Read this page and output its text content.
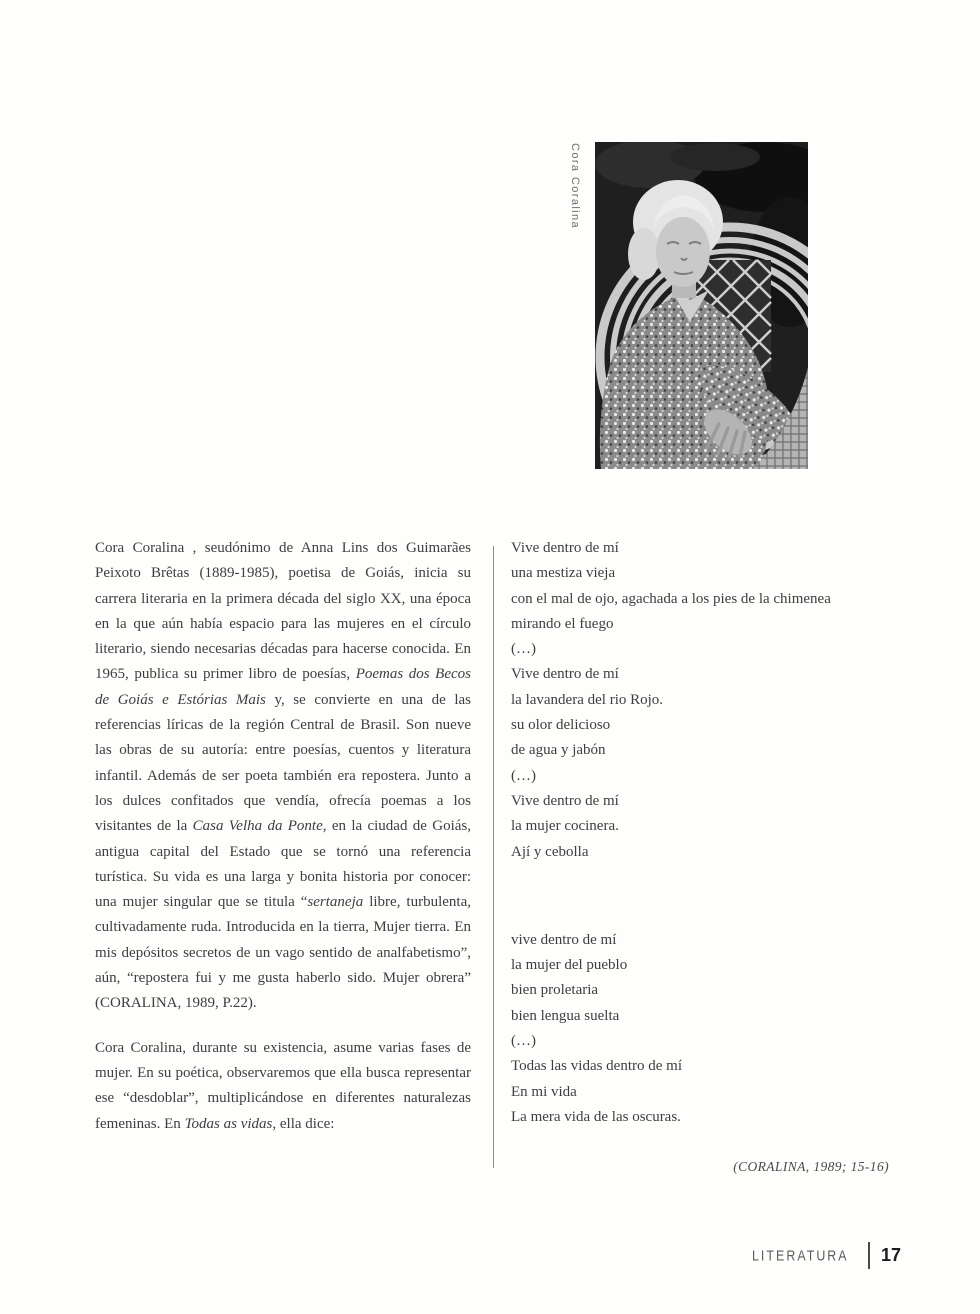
Cora Coralina

Cora Coralina , seudónimo de Anna Lins dos Guimarães Peixoto Brêtas (1889-1985), poetisa de Goiás, inicia su carrera literaria en la primera década del siglo XX, una época en la que aún había espacio para las mujeres en el círculo literario, siendo necesarias décadas para hacerse conocida. En 1965, publica su primer libro de poesías, Poemas dos Becos de Goiás e Estórias Mais y, se convierte en una de las referencias líricas de la región Central de Brasil. Son nueve las obras de su autoría: entre poesías, cuentos y literatura infantil. Además de ser poeta también era repostera. Junto a los dulces confitados que vendía, ofrecía poemas a los visitantes de la Casa Velha da Ponte, en la ciudad de Goiás, antigua capital del Estado que se tornó una referencia turística. Su vida es una larga y bonita historia por conocer: una mujer singular que se titula “sertaneja libre, turbulenta, cultivadamente ruda. Introducida en la tierra, Mujer tierra. En mis depósitos secretos de un vago sentido de analfabetismo”, aún, “repostera fui y me gusta haberlo sido. Mujer obrera” (CORALINA, 1989, P.22).

Cora Coralina, durante su existencia, asume varias fases de mujer. En su poética, observaremos que ella busca representar ese “desdoblar”, multiplicándose en diferentes naturalezas femeninas. En Todas as vidas, ella dice:

Vive dentro de mí
una mestiza vieja
con el mal de ojo, agachada a los pies de la chimenea
mirando el fuego
(…)
Vive dentro de mí
la lavandera del rio Rojo.
su olor delicioso
de agua y jabón
(…)
Vive dentro de mí
la mujer cocinera.
Ají y cebolla
vive dentro de mí
la mujer del pueblo
bien proletaria
bien lengua suelta
(…)
Todas las vidas dentro de mí
En mi vida
La mera vida de las oscuras.
(CORALINA, 1989; 15-16)
LITERATURA 17
